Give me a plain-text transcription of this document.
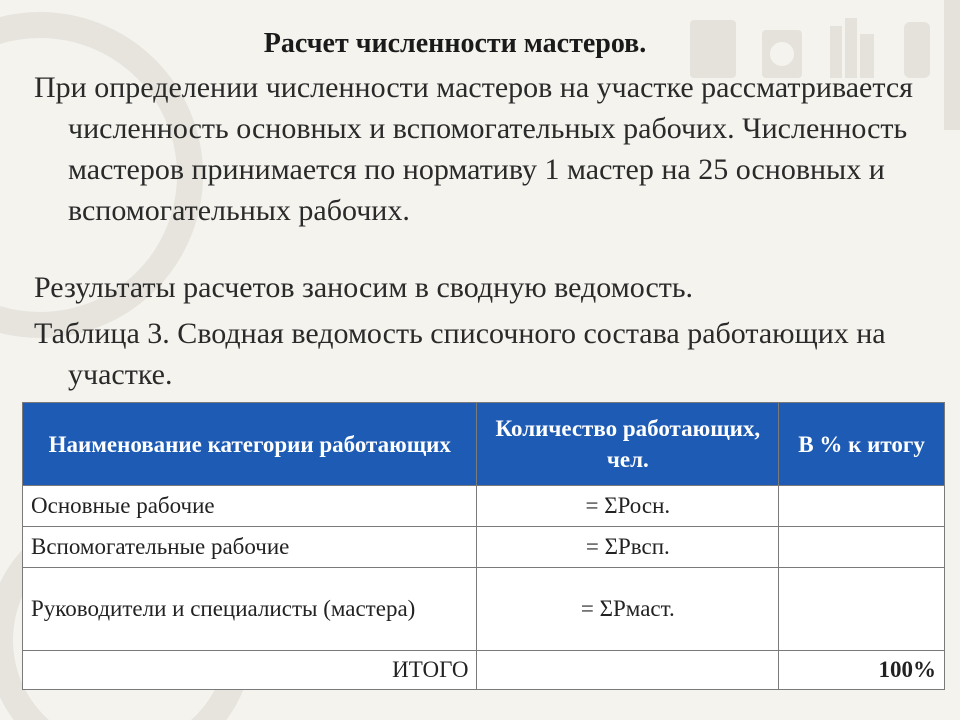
Расчет численности мастеров.
При определении численности мастеров на участке рассматривается численность основных и вспомогательных рабочих. Численность мастеров принимается по нормативу 1 мастер на 25 основных и вспомогательных рабочих.
Результаты расчетов заносим в сводную ведомость.
Таблица 3. Сводная ведомость списочного состава работающих на участке.
Наименование категории работающих	Количество работающих, чел.	В % к итогу
Основные рабочие	= ΣРосн.	
Вспомогательные рабочие	= ΣРвсп.	
Руководители и специалисты (мастера)	= ΣРмаст.	
ИТОГО		100%
